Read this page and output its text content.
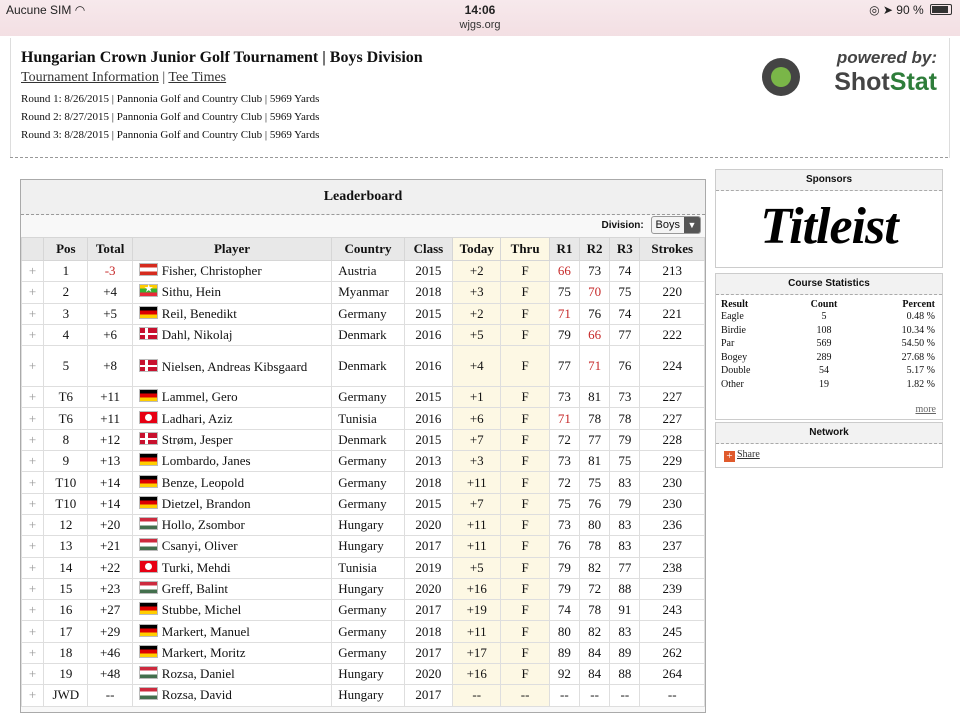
Aucune SIM ◠	14:06
wjgs.org
◎ ➤ 90 %
Hungarian Crown Junior Golf Tournament | Boys Division
Tournament Information | Tee Times
Round 1: 8/26/2015 | Pannonia Golf and Country Club | 5969 Yards
Round 2: 8/27/2015 | Pannonia Golf and Country Club | 5969 Yards
Round 3: 8/28/2015 | Pannonia Golf and Country Club | 5969 Yards
powered by:
ShotStat
Leaderboard
Division: Boys ▼
	Pos	Total	Player	Country	Class	Today	Thru	R1	R2	R3	Strokes
+	1	-3	Fisher, Christopher	Austria	2015	+2	F	66	73	74	213
+	2	+4	★Sithu, Hein	Myanmar	2018	+3	F	75	70	75	220
+	3	+5	Reil, Benedikt	Germany	2015	+2	F	71	76	74	221
+	4	+6	Dahl, Nikolaj	Denmark	2016	+5	F	79	66	77	222
+	5	+8	Nielsen, Andreas Kibsgaard	Denmark	2016	+4	F	77	71	76	224
+	T6	+11	Lammel, Gero	Germany	2015	+1	F	73	81	73	227
+	T6	+11	Ladhari, Aziz	Tunisia	2016	+6	F	71	78	78	227
+	8	+12	Strøm, Jesper	Denmark	2015	+7	F	72	77	79	228
+	9	+13	Lombardo, Janes	Germany	2013	+3	F	73	81	75	229
+	T10	+14	Benze, Leopold	Germany	2018	+11	F	72	75	83	230
+	T10	+14	Dietzel, Brandon	Germany	2015	+7	F	75	76	79	230
+	12	+20	Hollo, Zsombor	Hungary	2020	+11	F	73	80	83	236
+	13	+21	Csanyi, Oliver	Hungary	2017	+11	F	76	78	83	237
+	14	+22	Turki, Mehdi	Tunisia	2019	+5	F	79	82	77	238
+	15	+23	Greff, Balint	Hungary	2020	+16	F	79	72	88	239
+	16	+27	Stubbe, Michel	Germany	2017	+19	F	74	78	91	243
+	17	+29	Markert, Manuel	Germany	2018	+11	F	80	82	83	245
+	18	+46	Markert, Moritz	Germany	2017	+17	F	89	84	89	262
+	19	+48	Rozsa, Daniel	Hungary	2020	+16	F	92	84	88	264
+	JWD	--	Rozsa, David	Hungary	2017	--	--	--	--	--	--
Sponsors
Titleist
Course Statistics
Result	Count	Percent
Eagle	5	0.48 %
Birdie	108	10.34 %
Par	569	54.50 %
Bogey	289	27.68 %
Double	54	5.17 %
Other	19	1.82 %
more
Network
+ Share
